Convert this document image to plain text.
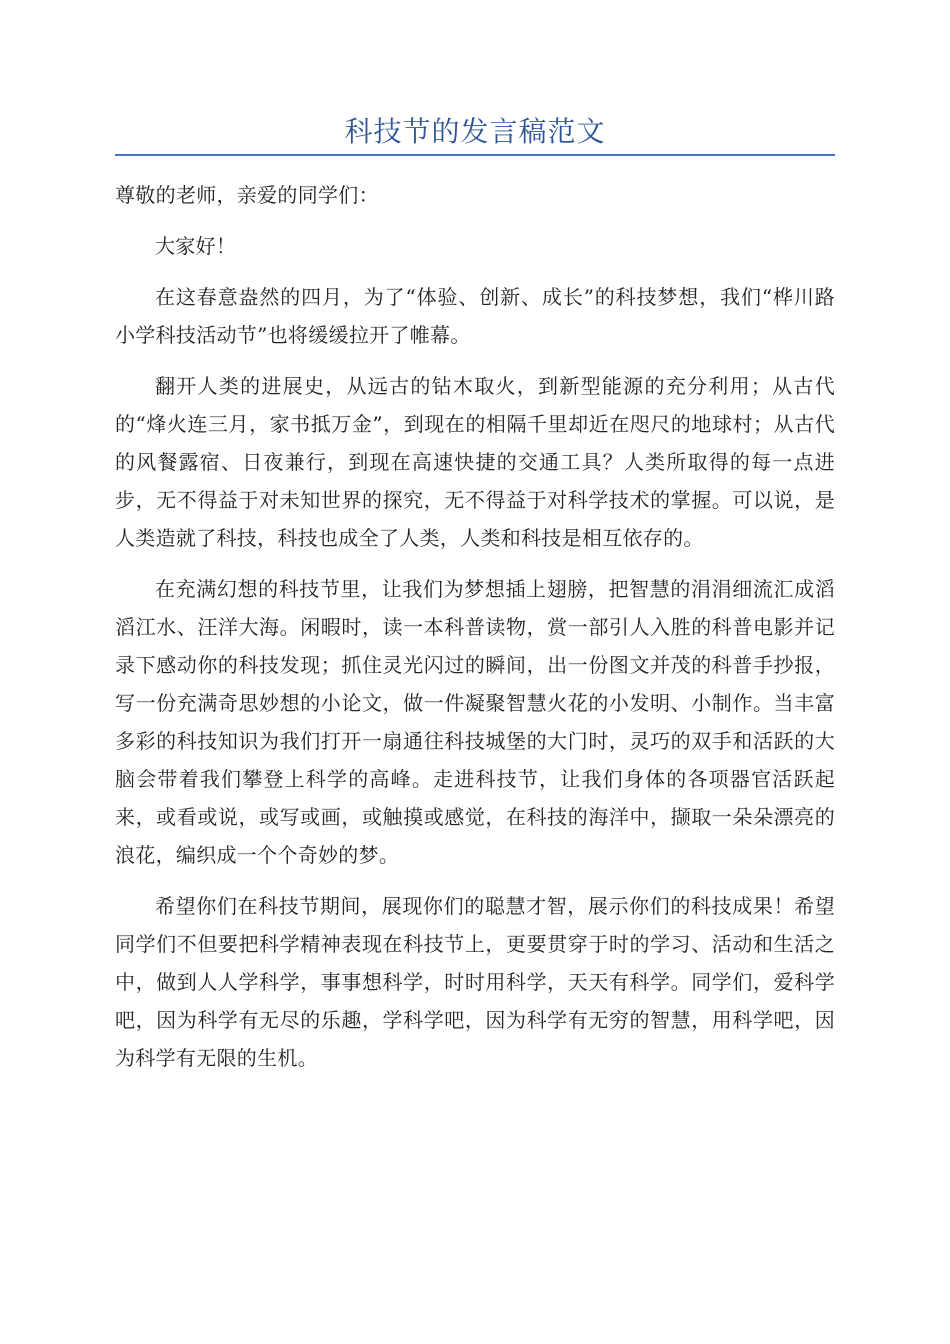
科技节的发言稿范文

尊敬的老师，亲爱的同学们：

大家好！

在这春意盎然的四月，为了“体验、创新、成长”的科技梦想，我们“桦川路小学科技活动节”也将缓缓拉开了帷幕。

翻开人类的进展史，从远古的钻木取火，到新型能源的充分利用；从古代的“烽火连三月，家书抵万金”，到现在的相隔千里却近在咫尺的地球村；从古代的风餐露宿、日夜兼行，到现在高速快捷的交通工具？人类所取得的每一点进步，无不得益于对未知世界的探究，无不得益于对科学技术的掌握。可以说，是人类造就了科技，科技也成全了人类，人类和科技是相互依存的。

在充满幻想的科技节里，让我们为梦想插上翅膀，把智慧的涓涓细流汇成滔滔江水、汪洋大海。闲暇时，读一本科普读物，赏一部引人入胜的科普电影并记录下感动你的科技发现；抓住灵光闪过的瞬间，出一份图文并茂的科普手抄报，写一份充满奇思妙想的小论文，做一件凝聚智慧火花的小发明、小制作。当丰富多彩的科技知识为我们打开一扇通往科技城堡的大门时，灵巧的双手和活跃的大脑会带着我们攀登上科学的高峰。走进科技节，让我们身体的各项器官活跃起来，或看或说，或写或画，或触摸或感觉，在科技的海洋中，撷取一朵朵漂亮的浪花，编织成一个个奇妙的梦。

希望你们在科技节期间，展现你们的聪慧才智，展示你们的科技成果！希望同学们不但要把科学精神表现在科技节上，更要贯穿于时的学习、活动和生活之中，做到人人学科学，事事想科学，时时用科学，天天有科学。同学们，爱科学吧，因为科学有无尽的乐趣，学科学吧，因为科学有无穷的智慧，用科学吧，因为科学有无限的生机。
